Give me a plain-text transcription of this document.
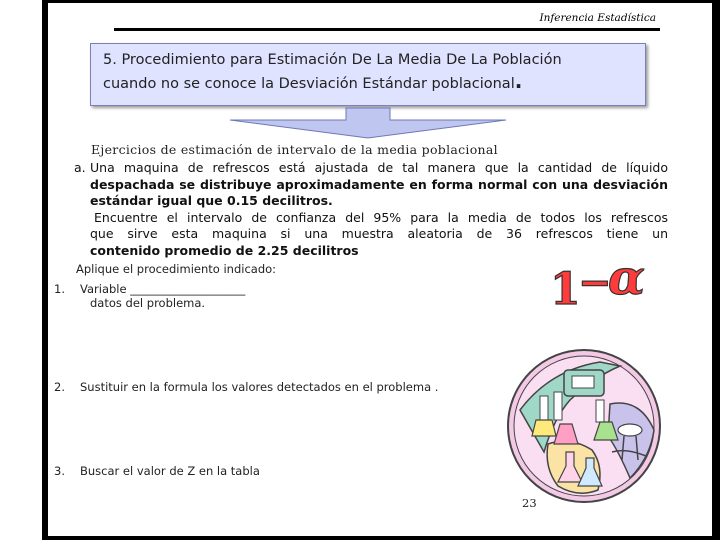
Inferencia Estadística
5. Procedimiento para Estimación De La Media De La Población
cuando no se conoce la Desviación Estándar poblacional.
Ejercicios de estimación de intervalo de la media poblacional
a. Una maquina de refrescos está ajustada de tal manera que la cantidad de líquido
despachada se distribuye aproximadamente en forma normal con una desviación
estándar igual que 0.15 decilitros.
Encuentre el intervalo de confianza del 95% para la media de todos los refrescos
que sirve esta maquina si una muestra aleatoria de 36 refrescos tiene un
contenido promedio de 2.25 decilitros
Aplique el procedimiento indicado:
1. Variable ____________________
datos del problema.
2. Sustituir en la formula los valores detectados en el problema .
3. Buscar el valor de Z en la tabla
1
−
α
23
